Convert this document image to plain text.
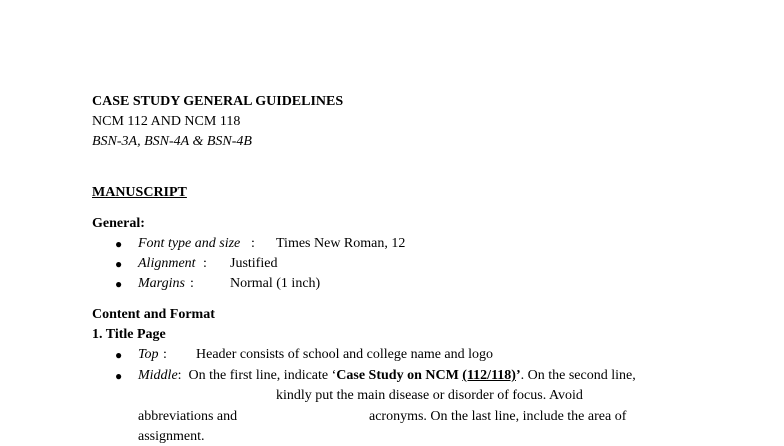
CASE STUDY GENERAL GUIDELINES
NCM 112 AND NCM 118
BSN-3A, BSN-4A & BSN-4B
MANUSCRIPT
General:
● Font type and size : Times New Roman, 12
● Alignment : Justified
● Margins :	Normal (1 inch)
Content and Format
1. Title Page
● Top : Header consists of school and college name and logo
● Middle: On the first line, indicate ‘Case Study on NCM (112/118)’. On the second line,
kindly put the main disease or disorder of focus. Avoid
abbreviations and	acronyms. On the last line, include the area of
assignment.
